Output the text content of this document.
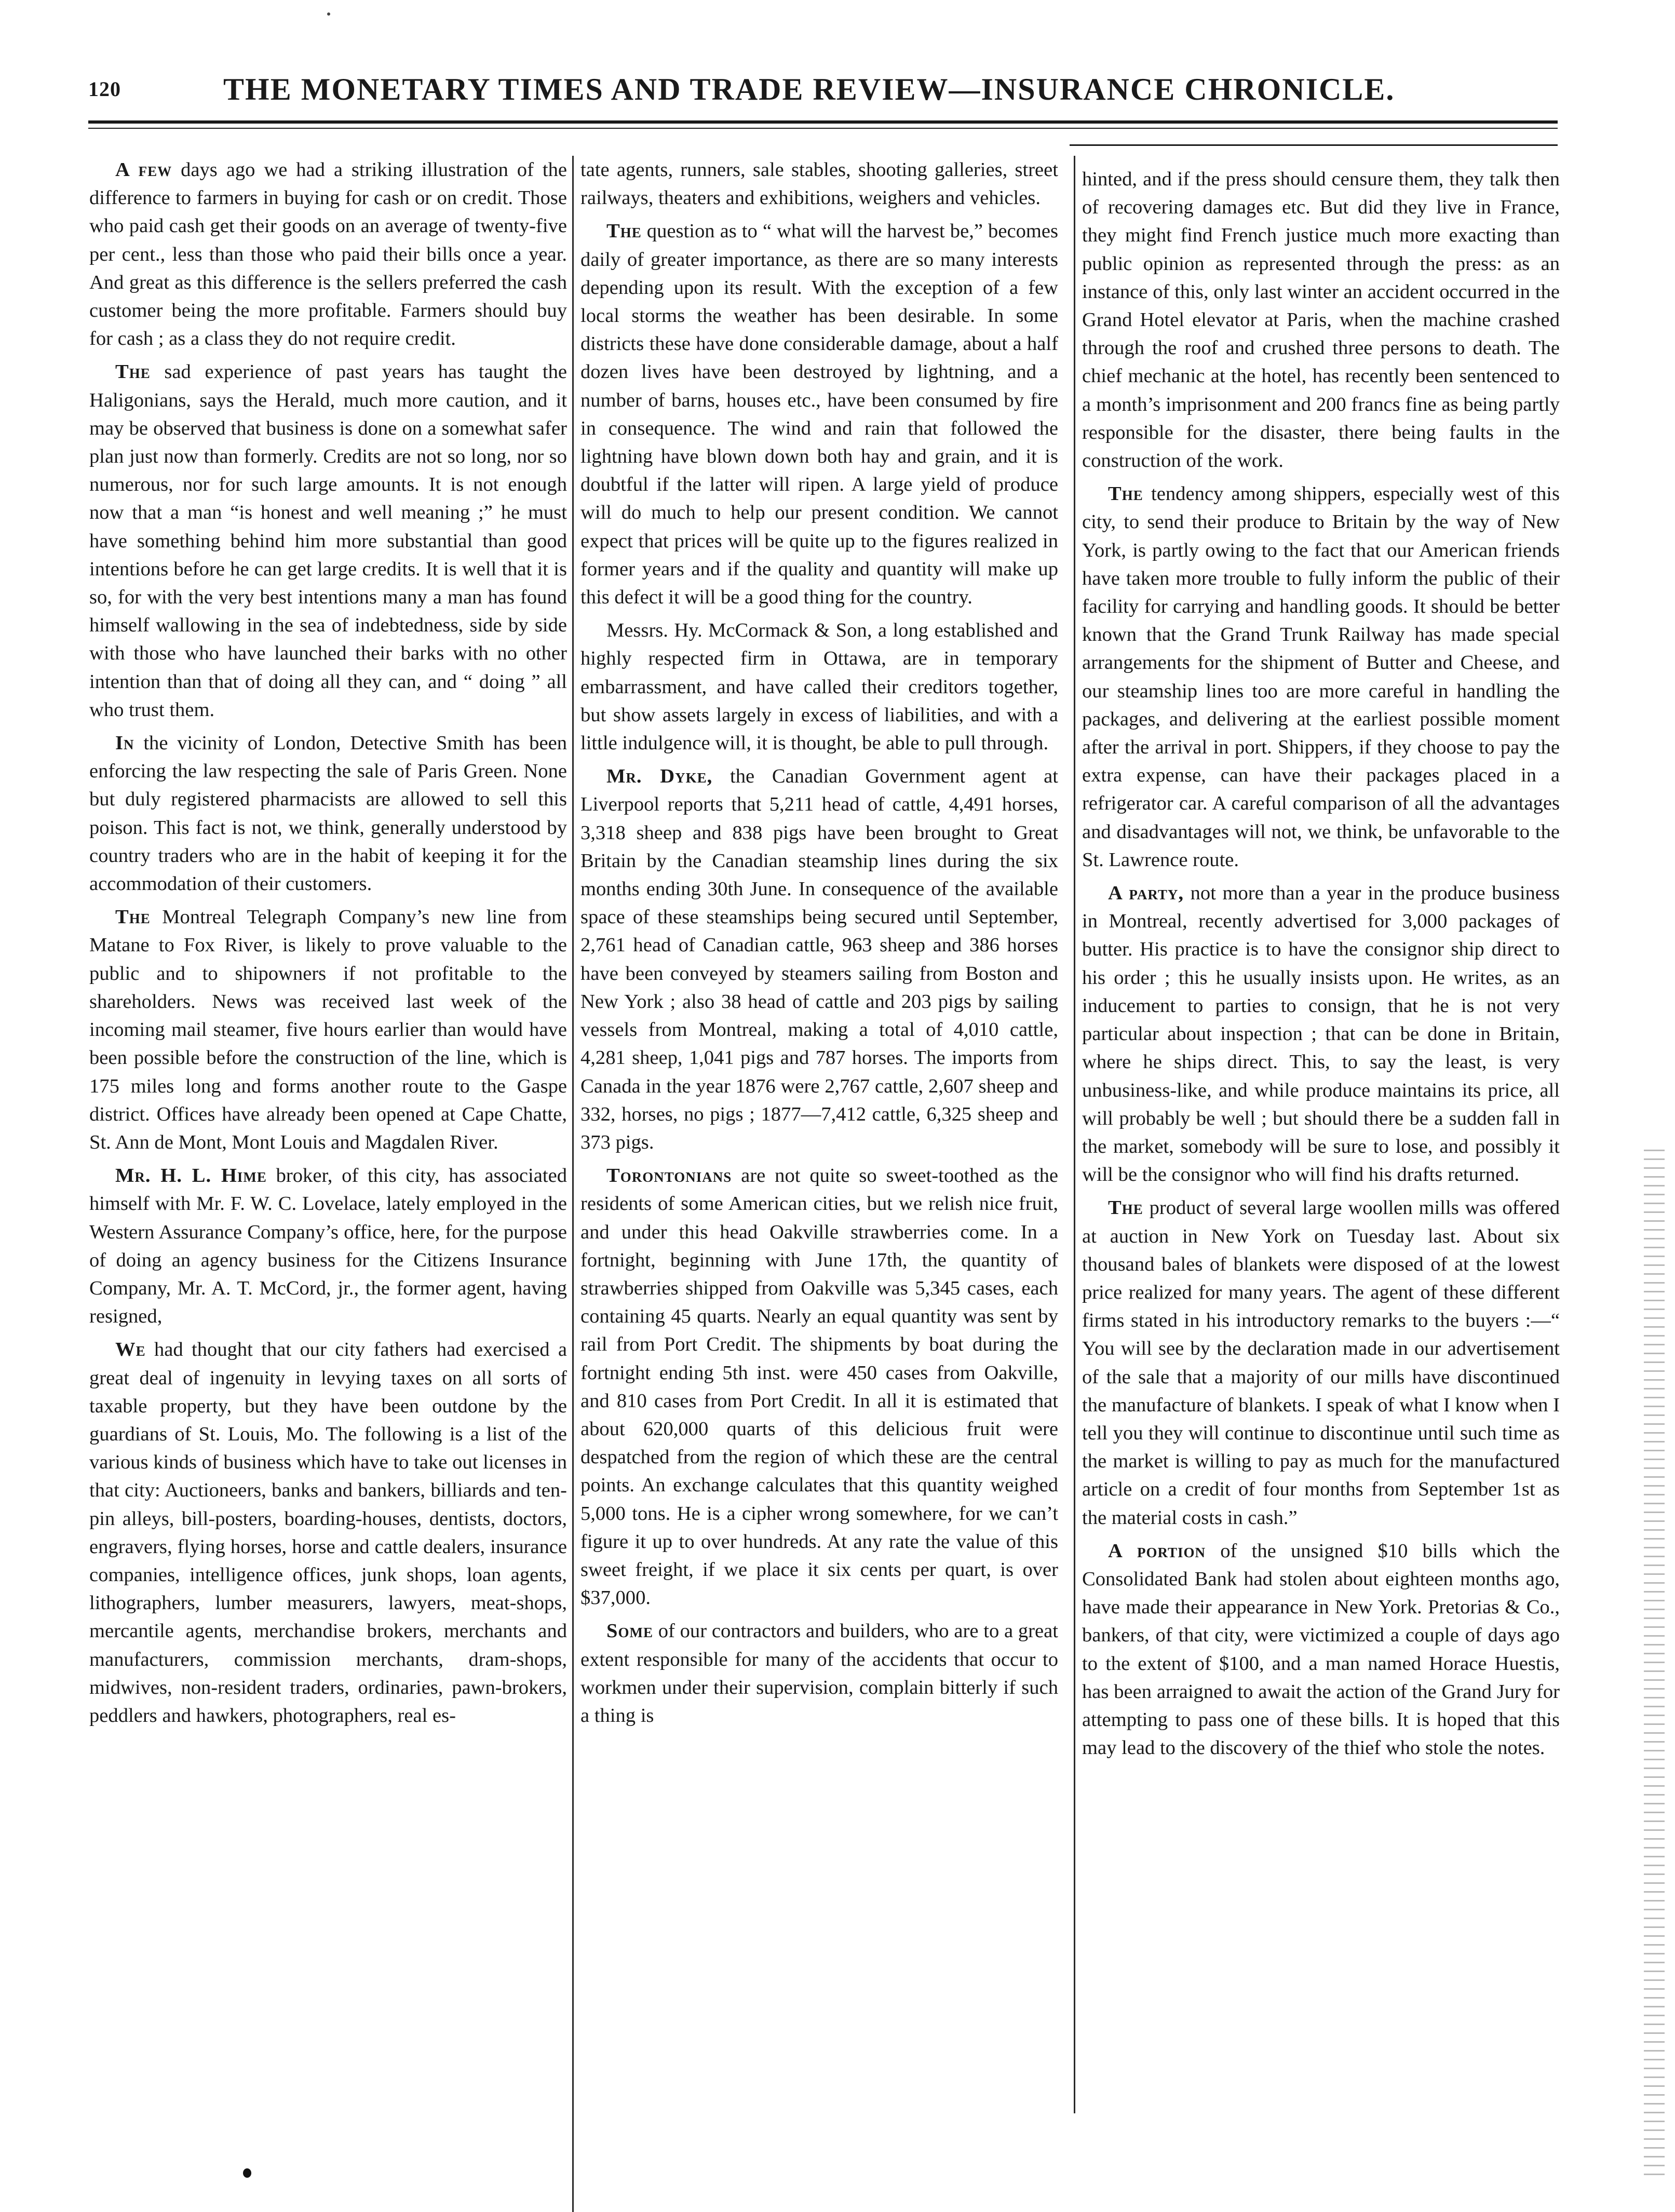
120	THE MONETARY TIMES AND TRADE REVIEW—INSURANCE CHRONICLE.

A few days ago we had a striking illustration of the difference to farmers in buying for cash or on credit. Those who paid cash get their goods on an average of twenty-five per cent., less than those who paid their bills once a year. And great as this difference is the sellers preferred the cash customer being the more profitable. Farmers should buy for cash ; as a class they do not require credit.

The sad experience of past years has taught the Haligonians, says the Herald, much more caution, and it may be observed that business is done on a somewhat safer plan just now than formerly. Credits are not so long, nor so numerous, nor for such large amounts. It is not enough now that a man “is honest and well meaning ;” he must have something behind him more substantial than good intentions before he can get large credits. It is well that it is so, for with the very best intentions many a man has found himself wallowing in the sea of indebtedness, side by side with those who have launched their barks with no other intention than that of doing all they can, and “ doing ” all who trust them.

In the vicinity of London, Detective Smith has been enforcing the law respecting the sale of Paris Green. None but duly registered pharmacists are allowed to sell this poison. This fact is not, we think, generally understood by country traders who are in the habit of keeping it for the accommodation of their customers.

The Montreal Telegraph Company’s new line from Matane to Fox River, is likely to prove valuable to the public and to shipowners if not profitable to the shareholders. News was received last week of the incoming mail steamer, five hours earlier than would have been possible before the construction of the line, which is 175 miles long and forms another route to the Gaspe district. Offices have already been opened at Cape Chatte, St. Ann de Mont, Mont Louis and Magdalen River.

Mr. H. L. Hime broker, of this city, has associated himself with Mr. F. W. C. Lovelace, lately employed in the Western Assurance Company’s office, here, for the purpose of doing an agency business for the Citizens Insurance Company, Mr. A. T. McCord, jr., the former agent, having resigned,

We had thought that our city fathers had exercised a great deal of ingenuity in levying taxes on all sorts of taxable property, but they have been outdone by the guardians of St. Louis, Mo. The following is a list of the various kinds of business which have to take out licenses in that city: Auctioneers, banks and bankers, billiards and ten-pin alleys, bill-posters, boarding-houses, dentists, doctors, engravers, flying horses, horse and cattle dealers, insurance companies, intelligence offices, junk shops, loan agents, lithographers, lumber measurers, lawyers, meat-shops, mercantile agents, merchandise brokers, merchants and manufacturers, commission merchants, dram-shops, midwives, non-resident traders, ordinaries, pawn-brokers, peddlers and hawkers, photographers, real es-

tate agents, runners, sale stables, shooting galleries, street railways, theaters and exhibitions, weighers and vehicles.

The question as to “ what will the harvest be,” becomes daily of greater importance, as there are so many interests depending upon its result. With the exception of a few local storms the weather has been desirable. In some districts these have done considerable damage, about a half dozen lives have been destroyed by lightning, and a number of barns, houses etc., have been consumed by fire in consequence. The wind and rain that followed the lightning have blown down both hay and grain, and it is doubtful if the latter will ripen. A large yield of produce will do much to help our present condition. We cannot expect that prices will be quite up to the figures realized in former years and if the quality and quantity will make up this defect it will be a good thing for the country.

Messrs. Hy. McCormack & Son, a long established and highly respected firm in Ottawa, are in temporary embarrassment, and have called their creditors together, but show assets largely in excess of liabilities, and with a little indulgence will, it is thought, be able to pull through.

Mr. Dyke, the Canadian Government agent at Liverpool reports that 5,211 head of cattle, 4,491 horses, 3,318 sheep and 838 pigs have been brought to Great Britain by the Canadian steamship lines during the six months ending 30th June. In consequence of the available space of these steamships being secured until September, 2,761 head of Canadian cattle, 963 sheep and 386 horses have been conveyed by steamers sailing from Boston and New York ; also 38 head of cattle and 203 pigs by sailing vessels from Montreal, making a total of 4,010 cattle, 4,281 sheep, 1,041 pigs and 787 horses. The imports from Canada in the year 1876 were 2,767 cattle, 2,607 sheep and 332, horses, no pigs ; 1877—7,412 cattle, 6,325 sheep and 373 pigs.

Torontonians are not quite so sweet-toothed as the residents of some American cities, but we relish nice fruit, and under this head Oakville strawberries come. In a fortnight, beginning with June 17th, the quantity of strawberries shipped from Oakville was 5,345 cases, each containing 45 quarts. Nearly an equal quantity was sent by rail from Port Credit. The shipments by boat during the fortnight ending 5th inst. were 450 cases from Oakville, and 810 cases from Port Credit. In all it is estimated that about 620,000 quarts of this delicious fruit were despatched from the region of which these are the central points. An exchange calculates that this quantity weighed 5,000 tons. He is a cipher wrong somewhere, for we can’t figure it up to over hundreds. At any rate the value of this sweet freight, if we place it six cents per quart, is over $37,000.

Some of our contractors and builders, who are to a great extent responsible for many of the accidents that occur to workmen under their supervision, complain bitterly if such a thing is

hinted, and if the press should censure them, they talk then of recovering damages etc. But did they live in France, they might find French justice much more exacting than public opinion as represented through the press: as an instance of this, only last winter an accident occurred in the Grand Hotel elevator at Paris, when the machine crashed through the roof and crushed three persons to death. The chief mechanic at the hotel, has recently been sentenced to a month’s imprisonment and 200 francs fine as being partly responsible for the disaster, there being faults in the construction of the work.

The tendency among shippers, especially west of this city, to send their produce to Britain by the way of New York, is partly owing to the fact that our American friends have taken more trouble to fully inform the public of their facility for carrying and handling goods. It should be better known that the Grand Trunk Railway has made special arrangements for the shipment of Butter and Cheese, and our steamship lines too are more careful in handling the packages, and delivering at the earliest possible moment after the arrival in port. Shippers, if they choose to pay the extra expense, can have their packages placed in a refrigerator car. A careful comparison of all the advantages and disadvantages will not, we think, be unfavorable to the St. Lawrence route.

A party, not more than a year in the produce business in Montreal, recently advertised for 3,000 packages of butter. His practice is to have the consignor ship direct to his order ; this he usually insists upon. He writes, as an inducement to parties to consign, that he is not very particular about inspection ; that can be done in Britain, where he ships direct. This, to say the least, is very unbusiness-like, and while produce maintains its price, all will probably be well ; but should there be a sudden fall in the market, somebody will be sure to lose, and possibly it will be the consignor who will find his drafts returned.

The product of several large woollen mills was offered at auction in New York on Tuesday last. About six thousand bales of blankets were disposed of at the lowest price realized for many years. The agent of these different firms stated in his introductory remarks to the buyers :—“ You will see by the declaration made in our advertisement of the sale that a majority of our mills have discontinued the manufacture of blankets. I speak of what I know when I tell you they will continue to discontinue until such time as the market is willing to pay as much for the manufactured article on a credit of four months from September 1st as the material costs in cash.”

A portion of the unsigned $10 bills which the Consolidated Bank had stolen about eighteen months ago, have made their appearance in New York. Pretorias & Co., bankers, of that city, were victimized a couple of days ago to the extent of $100, and a man named Horace Huestis, has been arraigned to await the action of the Grand Jury for attempting to pass one of these bills. It is hoped that this may lead to the discovery of the thief who stole the notes.
